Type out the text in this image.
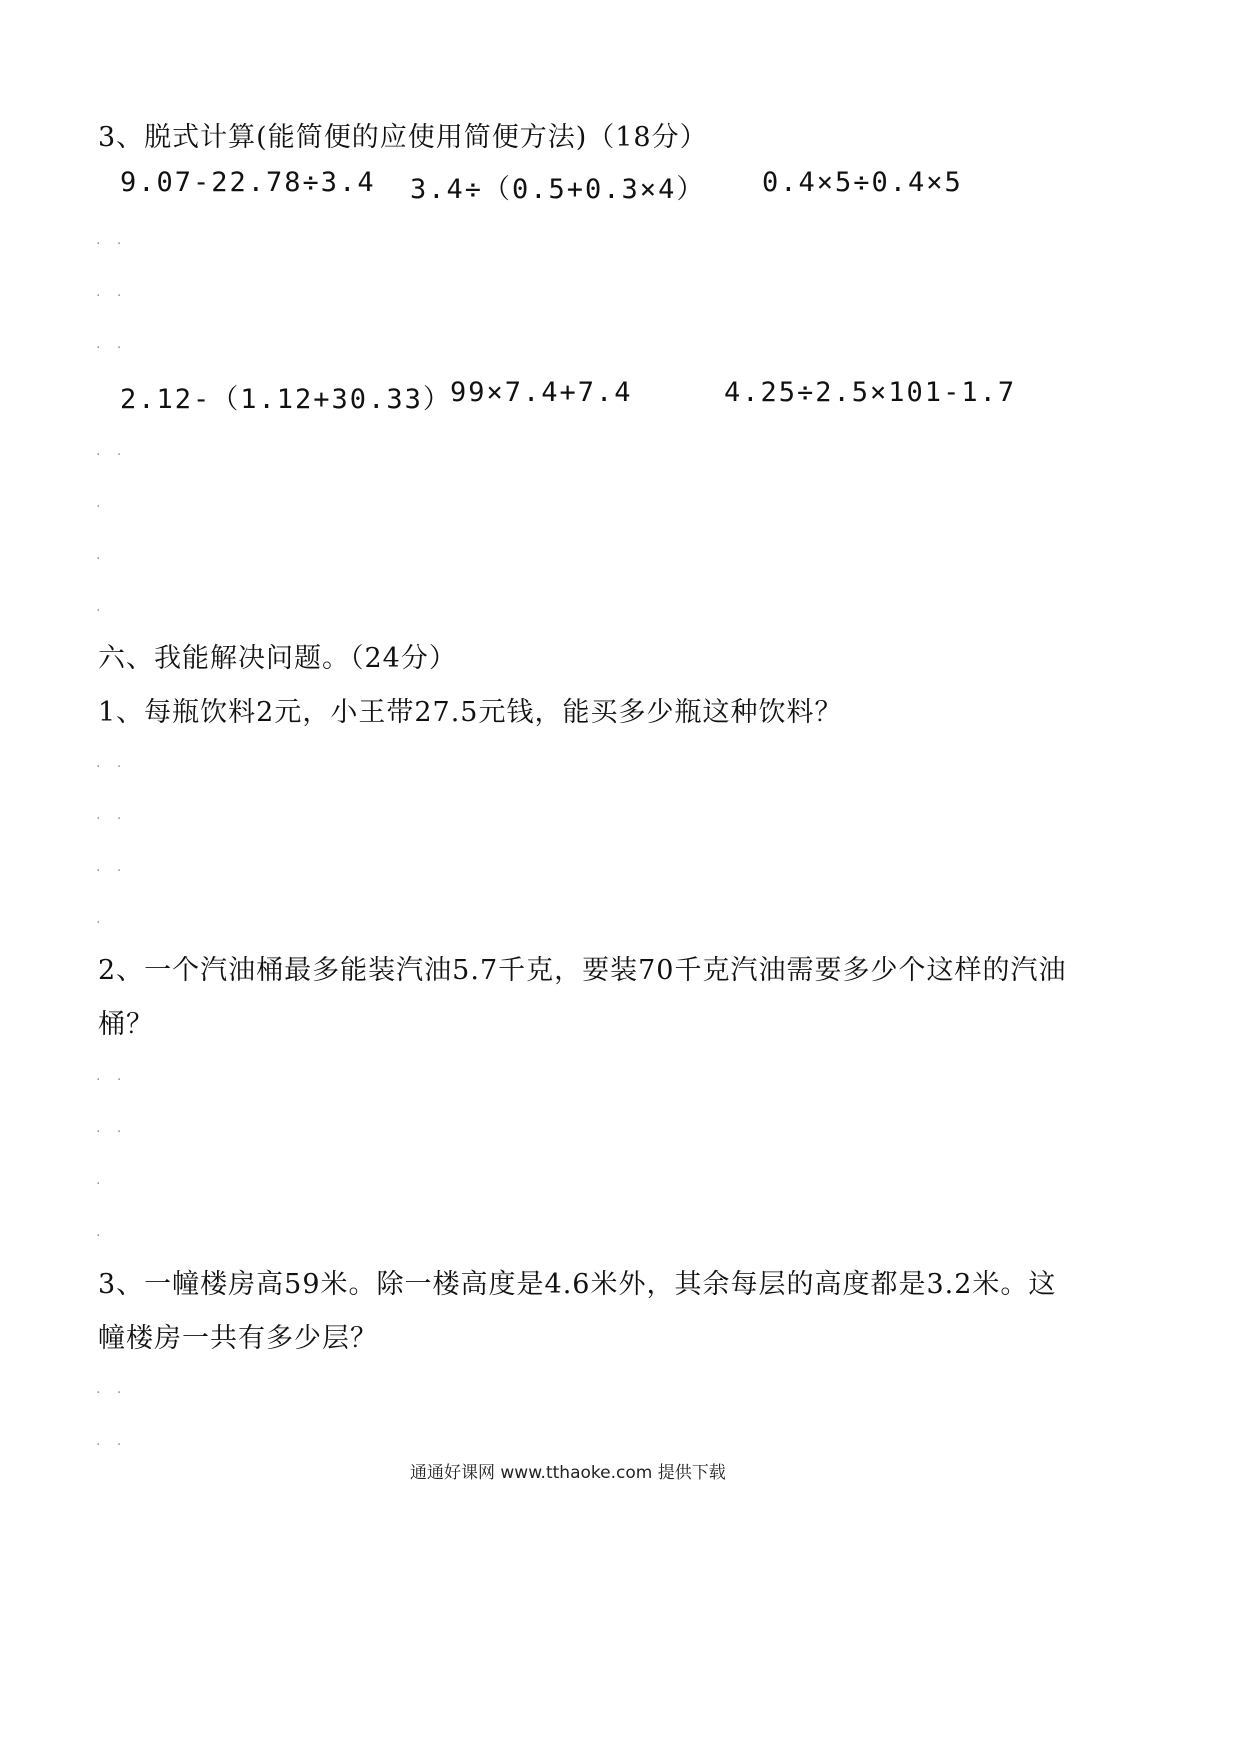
3、脱式计算(能简便的应使用简便方法)（18分）
9.07-22.78÷3.4 3.4÷（0.5+0.3×4） 0.4×5÷0.4×5
. .
. .
. .
2.12-（1.12+30.33）
99×7.4+7.4	4.25÷2.5×101-1.7
. .
.
.
.
六、我能解决问题。（24分）
1、每瓶饮料2元，小王带27.5元钱，能买多少瓶这种饮料？
. .
. .
. .
.
2、一个汽油桶最多能装汽油5.7千克，要装70千克汽油需要多少个这样的汽油
桶？
. .
. .
.
.
3、一幢楼房高59米。除一楼高度是4.6米外，其余每层的高度都是3.2米。这
幢楼房一共有多少层？
. .
. .
通通好课网 www.tthaoke.com 提供下载
